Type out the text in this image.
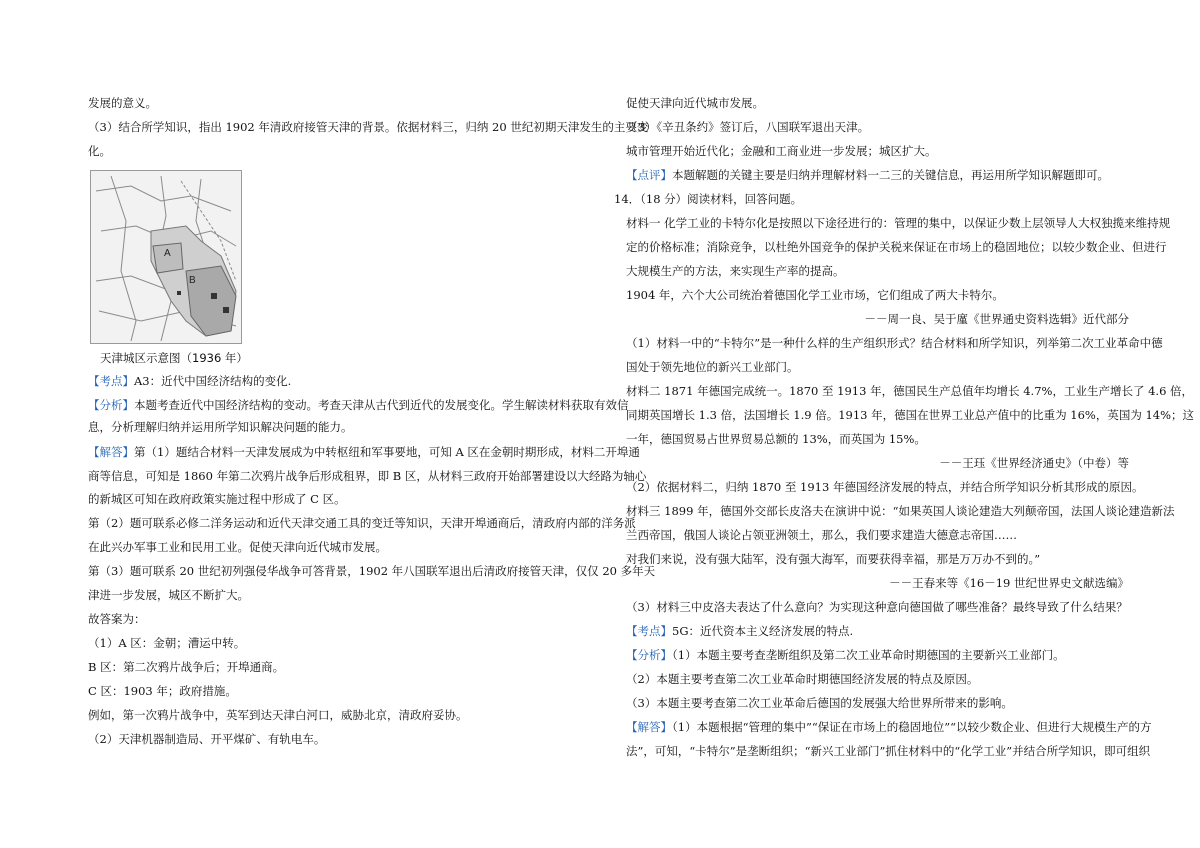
发展的意义。
（3）结合所学知识，指出 1902 年清政府接管天津的背景。依据材料三，归纳 20 世纪初期天津发生的主要变
化。
A
B
天津城区示意图（1936 年）
【考点】A3：近代中国经济结构的变化.
【分析】本题考查近代中国经济结构的变动。考查天津从古代到近代的发展变化。学生解读材料获取有效信
息，分析理解归纳并运用所学知识解决问题的能力。
【解答】第（1）题结合材料一天津发展成为中转枢纽和军事要地，可知 A 区在金朝时期形成，材料二开埠通
商等信息，可知是 1860 年第二次鸦片战争后形成租界，即 B 区，从材料三政府开始部署建设以大经路为轴心
的新城区可知在政府政策实施过程中形成了 C 区。
第（2）题可联系必修二洋务运动和近代天津交通工具的变迁等知识，天津开埠通商后，清政府内部的洋务派
在此兴办军事工业和民用工业。促使天津向近代城市发展。
第（3）题可联系 20 世纪初列强侵华战争可答背景，1902 年八国联军退出后清政府接管天津，仅仅 20 多年天
津进一步发展，城区不断扩大。
故答案为：
（1）A 区：金朝；漕运中转。
B 区：第二次鸦片战争后；开埠通商。
C 区：1903 年；政府措施。
例如，第一次鸦片战争中，英军到达天津白河口，威胁北京，清政府妥协。
（2）天津机器制造局、开平煤矿、有轨电车。
促使天津向近代城市发展。
（3）《辛丑条约》签订后，八国联军退出天津。
城市管理开始近代化；金融和工商业进一步发展；城区扩大。
【点评】本题解题的关键主要是归纳并理解材料一二三的关键信息，再运用所学知识解题即可。
14．（18 分）阅读材料，回答问题。
材料一 化学工业的卡特尔化是按照以下途径进行的：管理的集中，以保证少数上层领导人大权独揽来维持规
定的价格标准；消除竞争，以杜绝外国竞争的保护关税来保证在市场上的稳固地位；以较少数企业、但进行
大规模生产的方法，来实现生产率的提高。
1904 年，六个大公司统治着德国化学工业市场，它们组成了两大卡特尔。
－－周一良、吴于廑《世界通史资料选辑》近代部分
（1）材料一中的“卡特尔”是一种什么样的生产组织形式？结合材料和所学知识，列举第二次工业革命中德
国处于领先地位的新兴工业部门。
材料二 1871 年德国完成统一。1870 至 1913 年，德国民生产总值年均增长 4.7%，工业生产增长了 4.6 倍，
同期英国增长 1.3 倍，法国增长 1.9 倍。1913 年，德国在世界工业总产值中的比重为 16%，英国为 14%；这
一年，德国贸易占世界贸易总额的 13%，而英国为 15%。
－－王珏《世界经济通史》（中卷）等
（2）依据材料二，归纳 1870 至 1913 年德国经济发展的特点，并结合所学知识分析其形成的原因。
材料三 1899 年，德国外交部长皮洛夫在演讲中说：“如果英国人谈论建造大列颠帝国，法国人谈论建造新法
兰西帝国，俄国人谈论占领亚洲领土，那么，我们要求建造大德意志帝国……
对我们来说，没有强大陆军，没有强大海军，而要获得幸福，那是万万办不到的。”
－－王春来等《16－19 世纪世界史文献选编》
（3）材料三中皮洛夫表达了什么意向？为实现这种意向德国做了哪些准备？最终导致了什么结果？
【考点】5G：近代资本主义经济发展的特点.
【分析】（1）本题主要考查垄断组织及第二次工业革命时期德国的主要新兴工业部门。
（2）本题主要考查第二次工业革命时期德国经济发展的特点及原因。
（3）本题主要考查第二次工业革命后德国的发展强大给世界所带来的影响。
【解答】（1）本题根据“管理的集中”“保证在市场上的稳固地位”“以较少数企业、但进行大规模生产的方
法”，可知，“卡特尔”是垄断组织；“新兴工业部门”抓住材料中的“化学工业”并结合所学知识，即可组织
